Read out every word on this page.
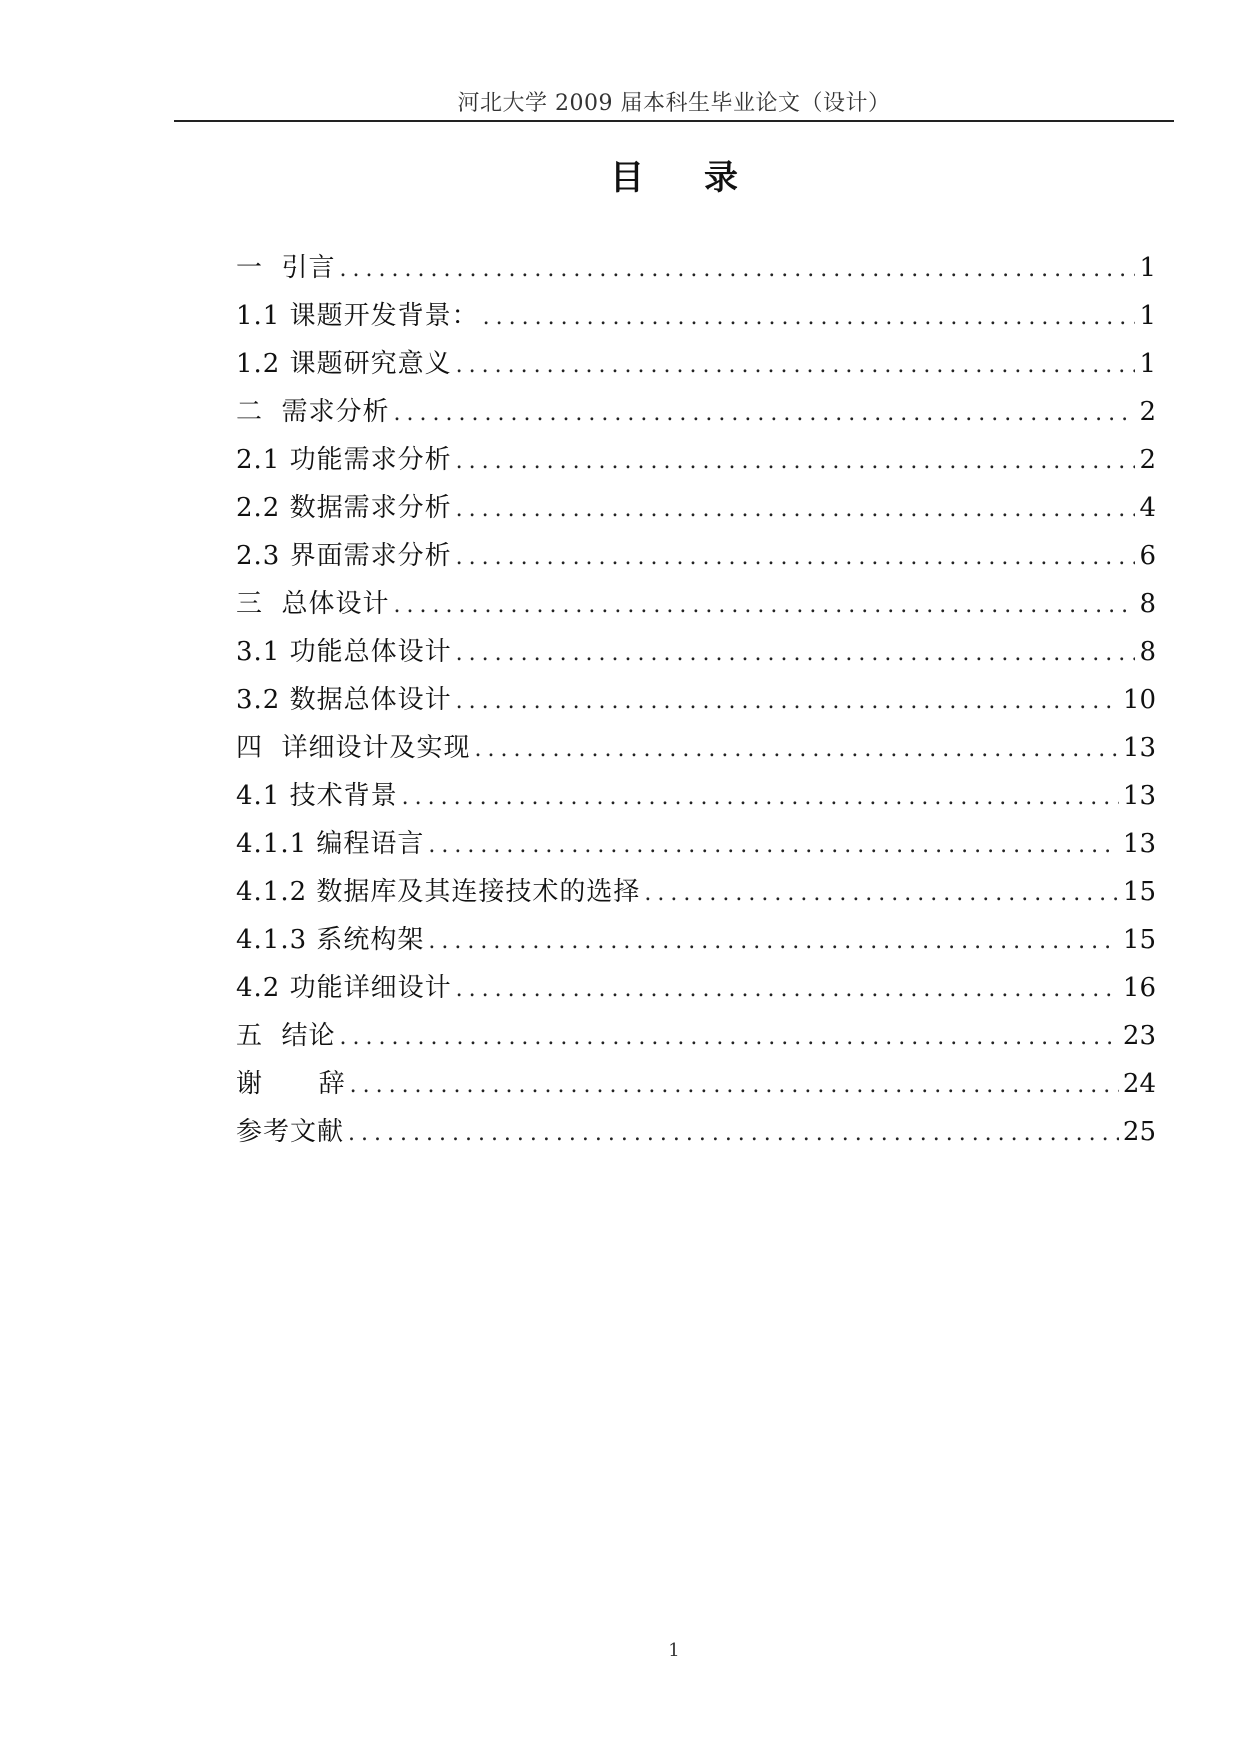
河北大学 2009 届本科生毕业论文（设计）
目录
一  引言 .....	1
1.1 课题开发背景： .....	1
1.2 课题研究意义 .....	1
二  需求分析 .....	2
2.1 功能需求分析 .....	2
2.2 数据需求分析 .....	4
2.3 界面需求分析 .....	6
三  总体设计 .....	8
3.1 功能总体设计 .....	8
3.2 数据总体设计 .....	10
四  详细设计及实现 .....	13
4.1 技术背景 .....	13
4.1.1 编程语言 .....	13
4.1.2 数据库及其连接技术的选择 .....	15
4.1.3 系统构架 .....	15
4.2 功能详细设计 .....	16
五  结论 .....	23
谢      辞 .....	24
参考文献 .....	25
1
